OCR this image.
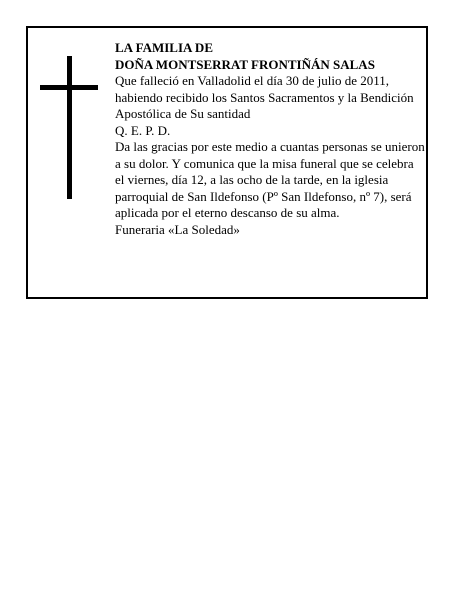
LA FAMILIA DE

DOÑA MONTSERRAT FRONTIÑÁN SALAS

Que falleció en Valladolid el día 30 de julio de 2011, habiendo recibido los Santos Sacramentos y la Bendición Apostólica de Su santidad

Q. E. P. D.

Da las gracias por este medio a cuantas personas se unieron a su dolor. Y comunica que la misa funeral que se celebra el viernes, día 12, a las ocho de la tarde, en la iglesia parroquial de San Ildefonso (Pº San Ildefonso, nº 7), será aplicada por el eterno descanso de su alma.

Funeraria «La Soledad»
